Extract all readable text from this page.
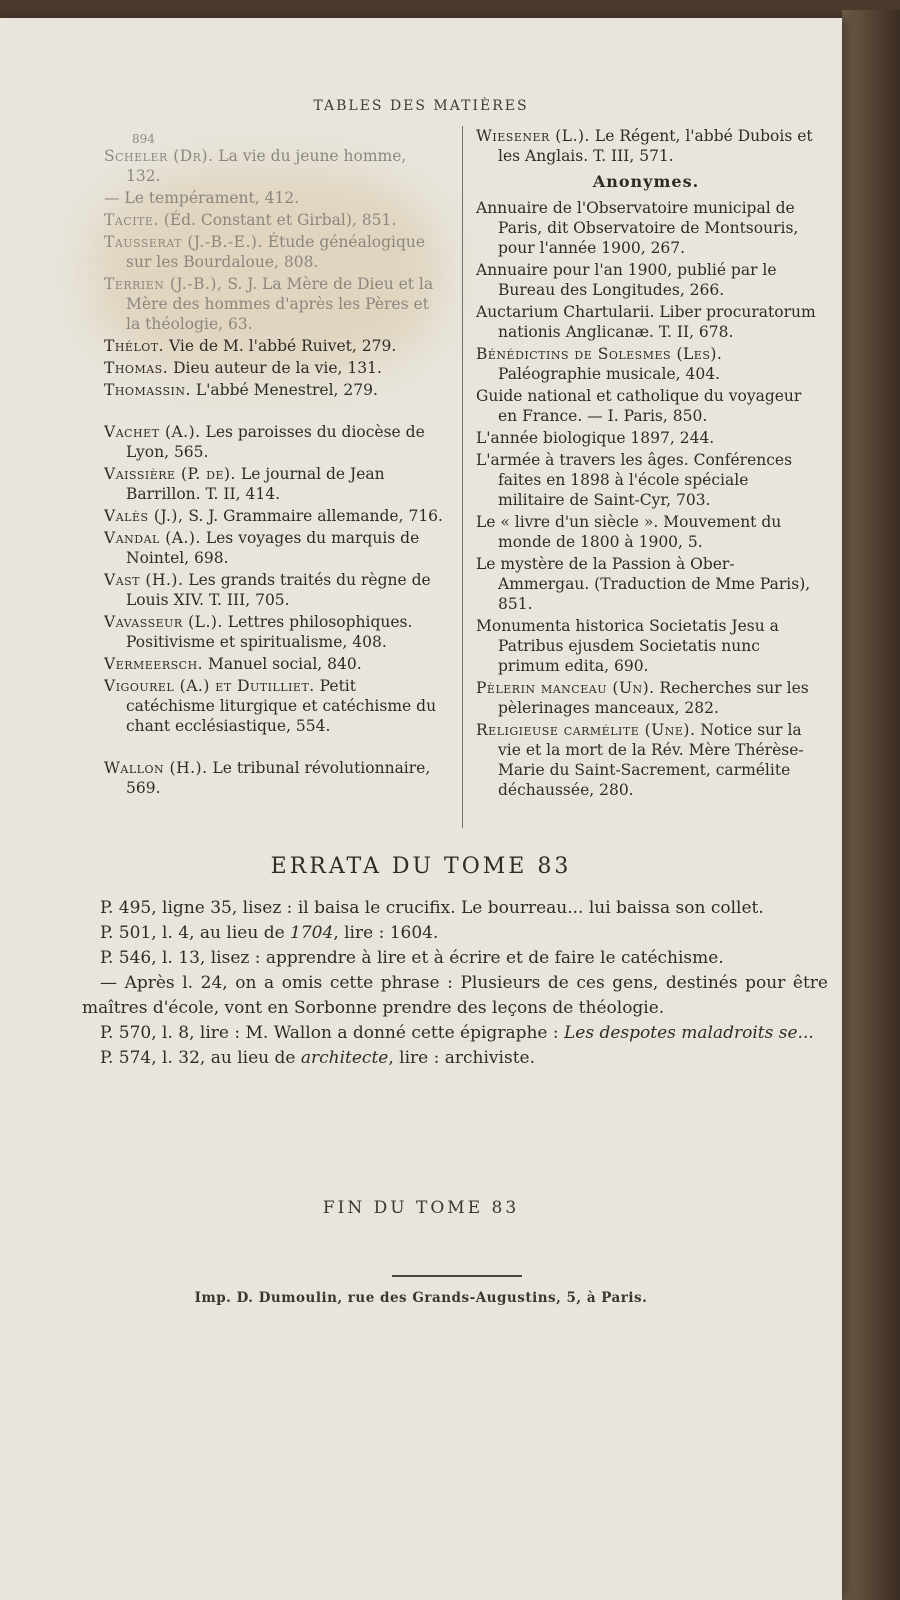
TABLES DES MATIÈRES
894
Scheler (Dr). La vie du jeune homme, 132.
— Le tempérament, 412.
Tacite. (Éd. Constant et Girbal), 851.
Tausserat (J.-B.-E.). Étude généalogique sur les Bourdaloue, 808.
Terrien (J.-B.), S. J. La Mère de Dieu et la Mère des hommes d'après les Pères et la théologie, 63.
Thélot. Vie de M. l'abbé Ruivet, 279.
Thomas. Dieu auteur de la vie, 131.
Thomassin. L'abbé Menestrel, 279.
Vachet (A.). Les paroisses du diocèse de Lyon, 565.
Vaissière (P. de). Le journal de Jean Barrillon. T. II, 414.
Valès (J.), S. J. Grammaire allemande, 716.
Vandal (A.). Les voyages du marquis de Nointel, 698.
Vast (H.). Les grands traités du règne de Louis XIV. T. III, 705.
Vavasseur (L.). Lettres philosophiques. Positivisme et spiritualisme, 408.
Vermeersch. Manuel social, 840.
Vigourel (A.) et Dutilliet. Petit catéchisme liturgique et catéchisme du chant ecclésiastique, 554.
Wallon (H.). Le tribunal révolutionnaire, 569.
Wiesener (L.). Le Régent, l'abbé Dubois et les Anglais. T. III, 571.
Anonymes.
Annuaire de l'Observatoire municipal de Paris, dit Observatoire de Montsouris, pour l'année 1900, 267.
Annuaire pour l'an 1900, publié par le Bureau des Longitudes, 266.
Auctarium Chartularii. Liber procuratorum nationis Anglicanæ. T. II, 678.
Bénédictins de Solesmes (Les). Paléographie musicale, 404.
Guide national et catholique du voyageur en France. — I. Paris, 850.
L'année biologique 1897, 244.
L'armée à travers les âges. Conférences faites en 1898 à l'école spéciale militaire de Saint-Cyr, 703.
Le « livre d'un siècle ». Mouvement du monde de 1800 à 1900, 5.
Le mystère de la Passion à Ober-Ammergau. (Traduction de Mme Paris), 851.
Monumenta historica Societatis Jesu a Patribus ejusdem Societatis nunc primum edita, 690.
Pèlerin manceau (Un). Recherches sur les pèlerinages manceaux, 282.
Religieuse carmélite (Une). Notice sur la vie et la mort de la Rév. Mère Thérèse-Marie du Saint-Sacrement, carmélite déchaussée, 280.
ERRATA DU TOME 83

P. 495, ligne 35, lisez : il baisa le crucifix. Le bourreau... lui baissa son collet.

P. 501, l. 4, au lieu de 1704, lire : 1604.

P. 546, l. 13, lisez : apprendre à lire et à écrire et de faire le catéchisme.

— Après l. 24, on a omis cette phrase : Plusieurs de ces gens, destinés pour être maîtres d'école, vont en Sorbonne prendre des leçons de théologie.

P. 570, l. 8, lire : M. Wallon a donné cette épigraphe : Les despotes maladroits se...

P. 574, l. 32, au lieu de architecte, lire : archiviste.

FIN DU TOME 83
Imp. D. Dumoulin, rue des Grands-Augustins, 5, à Paris.
